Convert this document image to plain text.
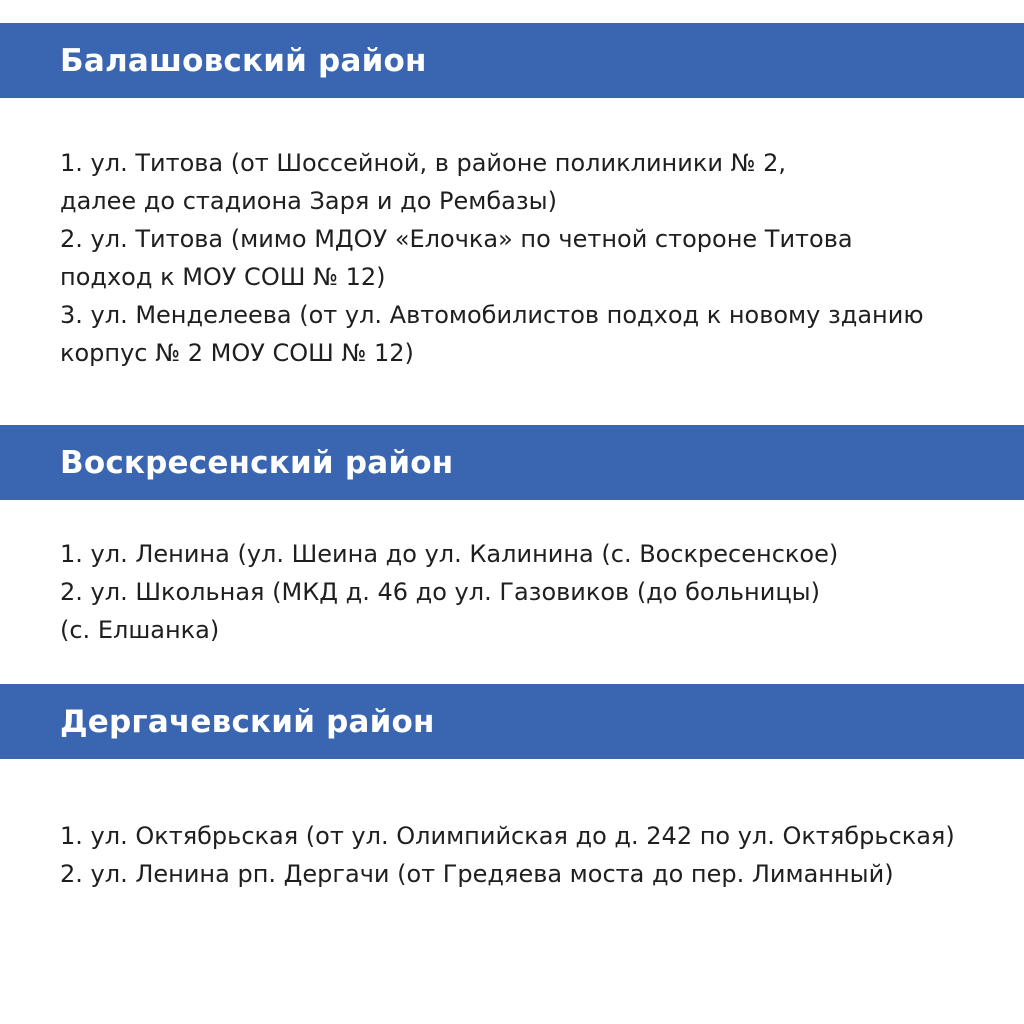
Балашовский район
1. ул. Титова (от Шоссейной, в районе поликлиники № 2,
далее до стадиона Заря и до Рембазы)
2. ул. Титова (мимо МДОУ «Елочка» по четной стороне Титова
подход к МОУ СОШ № 12)
3. ул. Менделеева (от ул. Автомобилистов подход к новому зданию
корпус № 2 МОУ СОШ № 12)
Воскресенский район
1. ул. Ленина (ул. Шеина до ул. Калинина (с. Воскресенское)
2. ул. Школьная (МКД д. 46 до ул. Газовиков (до больницы)
(с. Елшанка)
Дергачевский район
1. ул. Октябрьская (от ул. Олимпийская до д. 242 по ул. Октябрьская)
2. ул. Ленина рп. Дергачи (от Гредяева моста до пер. Лиманный)
